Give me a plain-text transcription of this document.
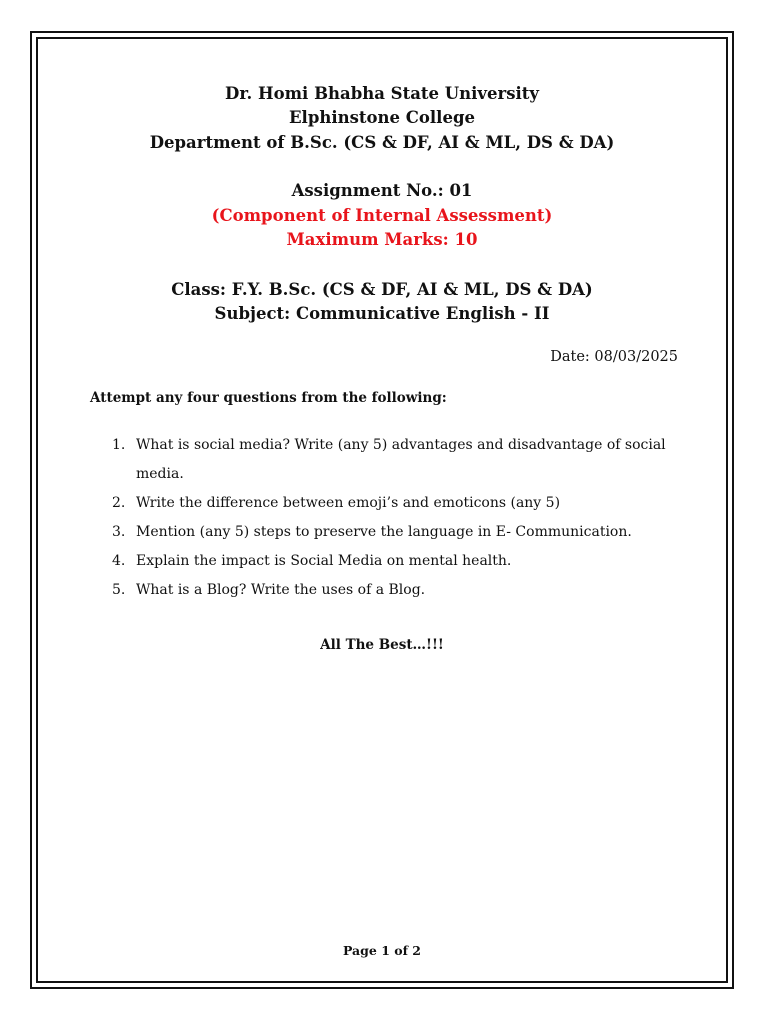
Dr. Homi Bhabha State University
Elphinstone College
Department of B.Sc. (CS & DF, AI & ML, DS & DA)
Assignment No.: 01
(Component of Internal Assessment)
Maximum Marks: 10
Class: F.Y. B.Sc. (CS & DF, AI & ML, DS & DA)
Subject: Communicative English - II
Date: 08/03/2025
Attempt any four questions from the following:
1. What is social media? Write (any 5) advantages and disadvantage of social media.
2. Write the difference between emoji’s and emoticons (any 5)
3. Mention (any 5) steps to preserve the language in E- Communication.
4. Explain the impact is Social Media on mental health.
5. What is a Blog? Write the uses of a Blog.
All The Best…!!!
Page 1 of 2
